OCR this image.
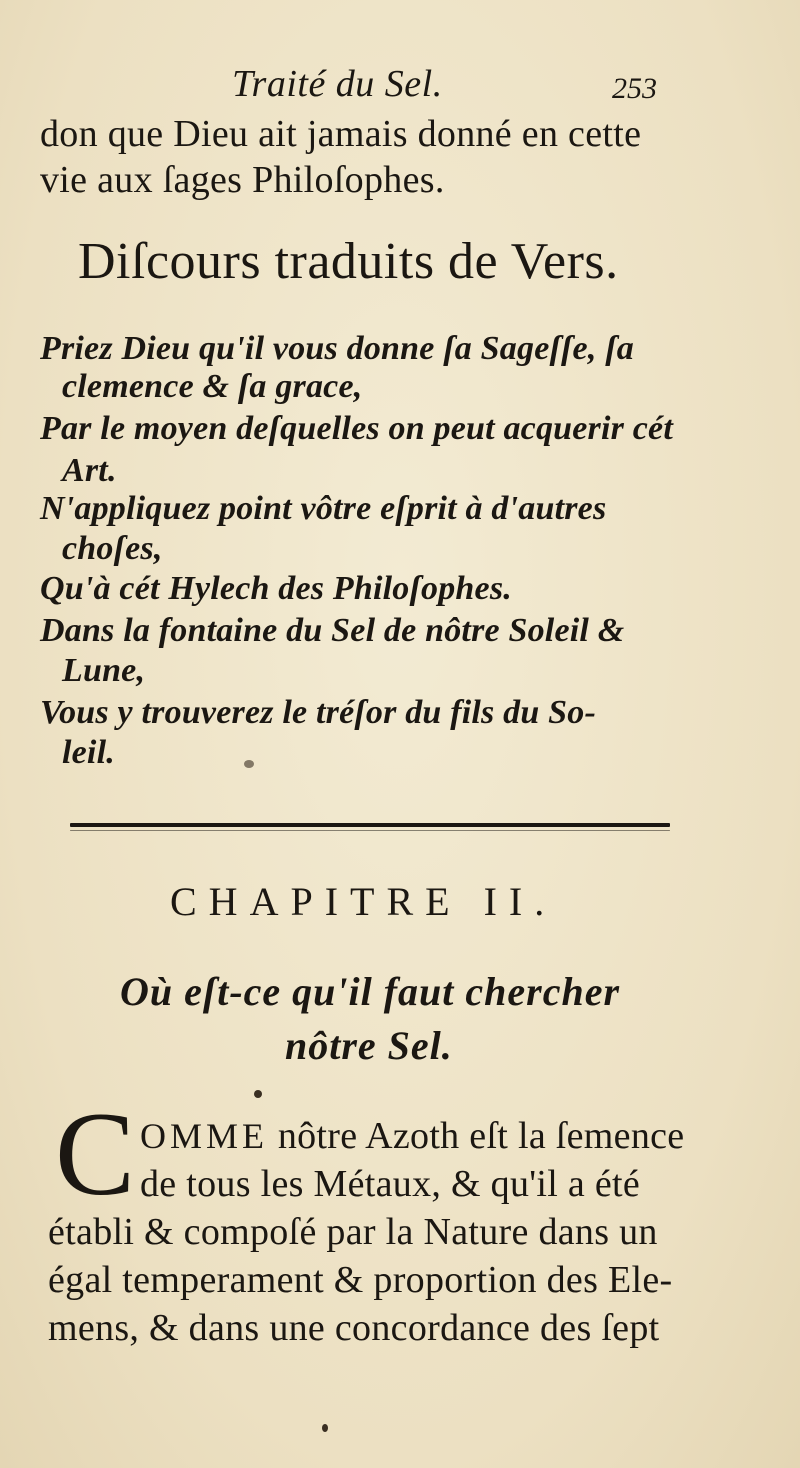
Traité du Sel.	253
don que Dieu ait jamais donné en cette
vie aux ſages Philoſophes.
Diſcours traduits de Vers.
Priez Dieu qu'il vous donne ſa Sageſſe, ſa
clemence & ſa grace,
Par le moyen deſquelles on peut acquerir cét
Art.
N'appliquez point vôtre eſprit à d'autres
choſes,
Qu'à cét Hylech des Philoſophes.
Dans la fontaine du Sel de nôtre Soleil &
Lune,
Vous y trouverez le tréſor du fils du So-
leil.
CHAPITRE II.
Où eſt-ce qu'il faut chercher
nôtre Sel.
C OMME nôtre Azoth eſt la ſemence
de tous les Métaux, & qu'il a été
établi & compoſé par la Nature dans un
égal temperament & proportion des Ele-
mens, & dans une concordance des ſept
